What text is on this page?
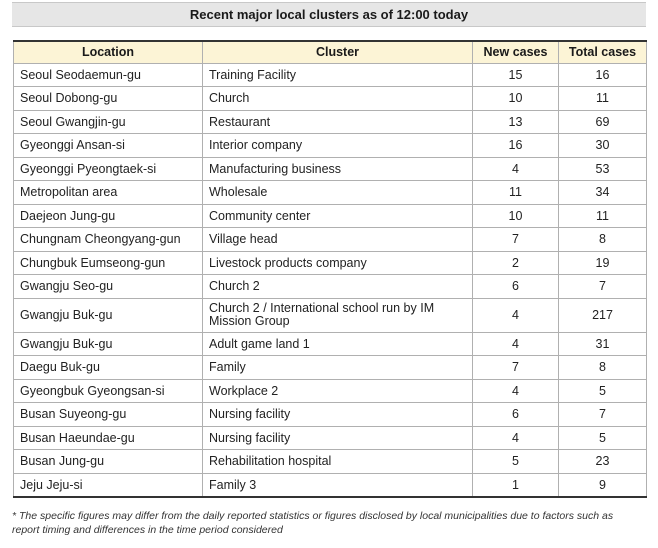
Recent major local clusters as of 12:00 today
Location	Cluster	New cases	Total cases
Seoul Seodaemun-gu	Training Facility	15	16
Seoul Dobong-gu	Church	10	11
Seoul Gwangjin-gu	Restaurant	13	69
Gyeonggi Ansan-si	Interior company	16	30
Gyeonggi Pyeongtaek-si	Manufacturing business	4	53
Metropolitan area	Wholesale	11	34
Daejeon Jung-gu	Community center	10	11
Chungnam Cheongyang-gun	Village head	7	8
Chungbuk Eumseong-gun	Livestock products company	2	19
Gwangju Seo-gu	Church 2	6	7
Gwangju Buk-gu	Church 2 / International school run by IM Mission Group	4	217
Gwangju Buk-gu	Adult game land 1	4	31
Daegu Buk-gu	Family	7	8
Gyeongbuk Gyeongsan-si	Workplace 2	4	5
Busan Suyeong-gu	Nursing facility	6	7
Busan Haeundae-gu	Nursing facility	4	5
Busan Jung-gu	Rehabilitation hospital	5	23
Jeju Jeju-si	Family 3	1	9
* The specific figures may differ from the daily reported statistics or figures disclosed by local municipalities due to factors such as report timing and differences in the time period considered
